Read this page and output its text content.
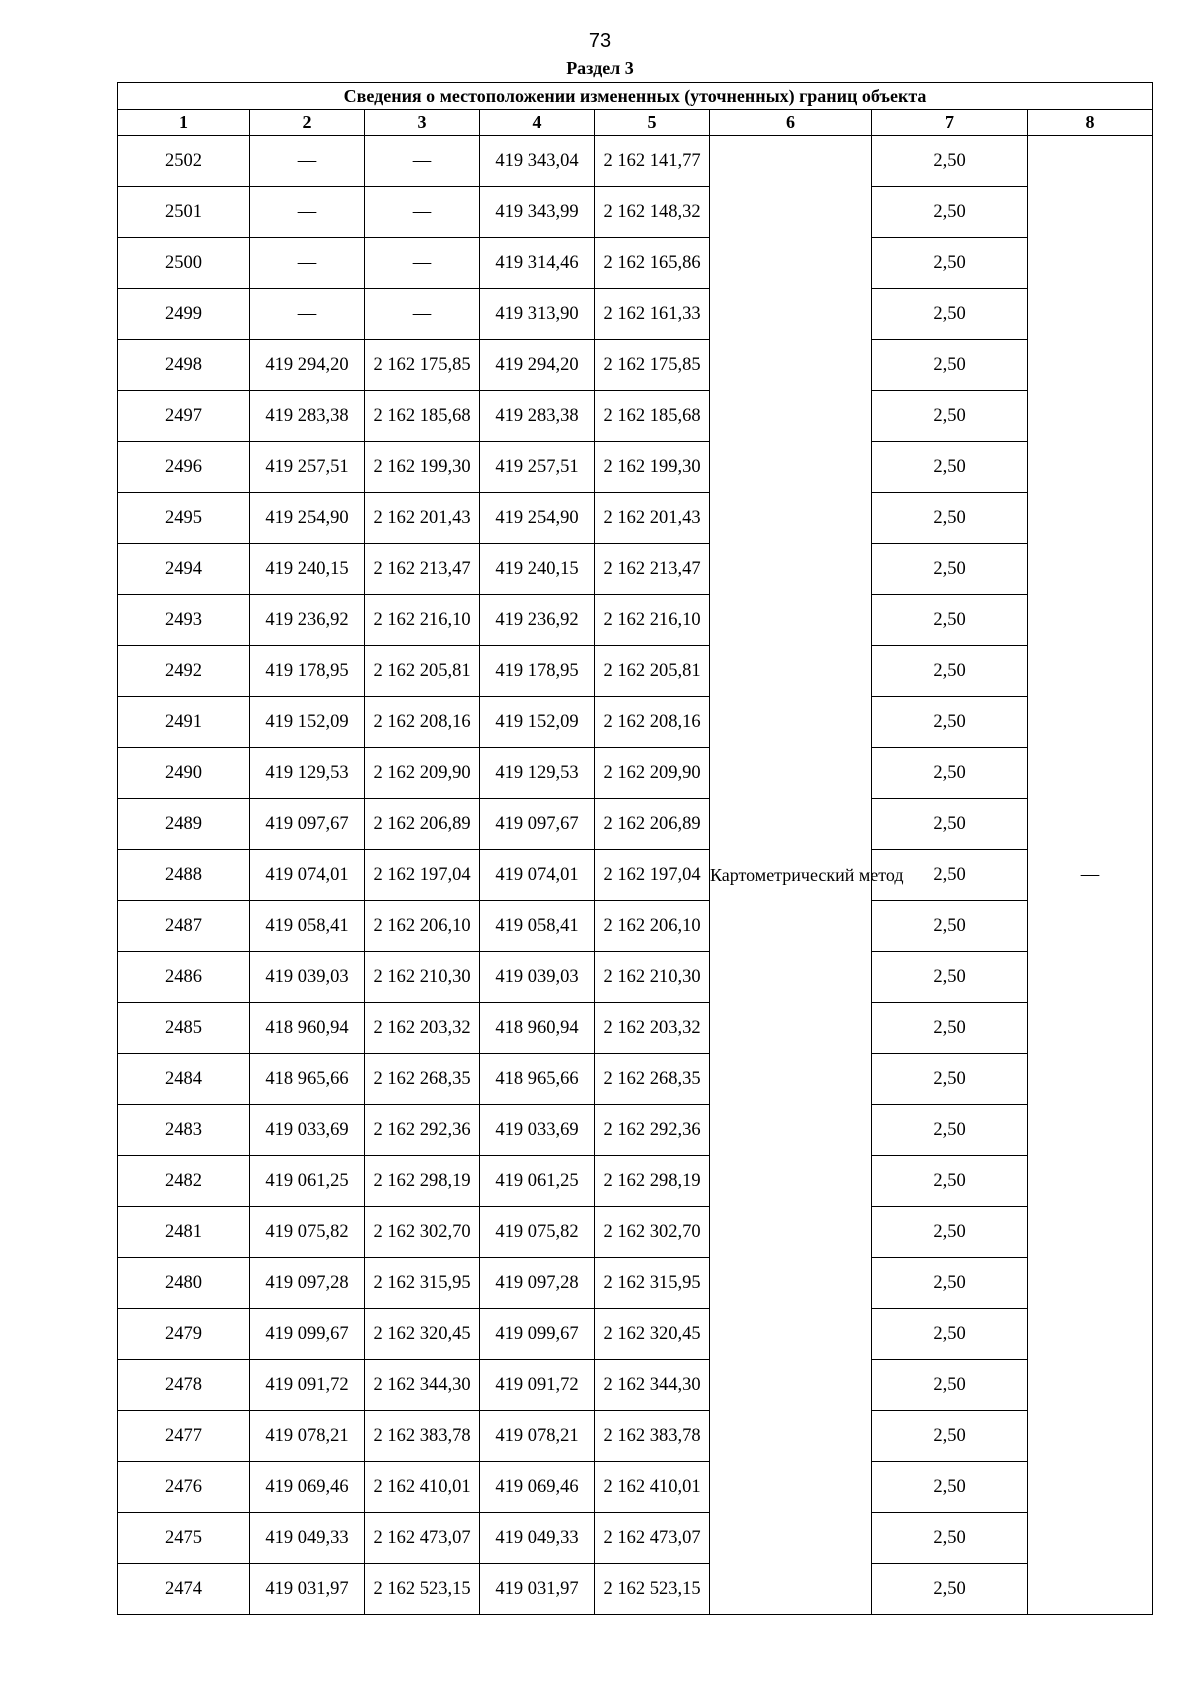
73
Раздел 3
Сведения о местоположении измененных (уточненных) границ объекта							
1	2	3	4	5	6	7	8
2502	—	—	419 343,04	2 162 141,77	Картометрический метод	2,50	—
2501	—	—	419 343,99	2 162 148,32		2,50	
2500	—	—	419 314,46	2 162 165,86		2,50	
2499	—	—	419 313,90	2 162 161,33		2,50	
2498	419 294,20	2 162 175,85	419 294,20	2 162 175,85		2,50	
2497	419 283,38	2 162 185,68	419 283,38	2 162 185,68		2,50	
2496	419 257,51	2 162 199,30	419 257,51	2 162 199,30		2,50	
2495	419 254,90	2 162 201,43	419 254,90	2 162 201,43		2,50	
2494	419 240,15	2 162 213,47	419 240,15	2 162 213,47		2,50	
2493	419 236,92	2 162 216,10	419 236,92	2 162 216,10		2,50	
2492	419 178,95	2 162 205,81	419 178,95	2 162 205,81		2,50	
2491	419 152,09	2 162 208,16	419 152,09	2 162 208,16		2,50	
2490	419 129,53	2 162 209,90	419 129,53	2 162 209,90		2,50	
2489	419 097,67	2 162 206,89	419 097,67	2 162 206,89		2,50	
2488	419 074,01	2 162 197,04	419 074,01	2 162 197,04		2,50	
2487	419 058,41	2 162 206,10	419 058,41	2 162 206,10		2,50	
2486	419 039,03	2 162 210,30	419 039,03	2 162 210,30		2,50	
2485	418 960,94	2 162 203,32	418 960,94	2 162 203,32		2,50	
2484	418 965,66	2 162 268,35	418 965,66	2 162 268,35		2,50	
2483	419 033,69	2 162 292,36	419 033,69	2 162 292,36		2,50	
2482	419 061,25	2 162 298,19	419 061,25	2 162 298,19		2,50	
2481	419 075,82	2 162 302,70	419 075,82	2 162 302,70		2,50	
2480	419 097,28	2 162 315,95	419 097,28	2 162 315,95		2,50	
2479	419 099,67	2 162 320,45	419 099,67	2 162 320,45		2,50	
2478	419 091,72	2 162 344,30	419 091,72	2 162 344,30		2,50	
2477	419 078,21	2 162 383,78	419 078,21	2 162 383,78		2,50	
2476	419 069,46	2 162 410,01	419 069,46	2 162 410,01		2,50	
2475	419 049,33	2 162 473,07	419 049,33	2 162 473,07		2,50	
2474	419 031,97	2 162 523,15	419 031,97	2 162 523,15		2,50	
